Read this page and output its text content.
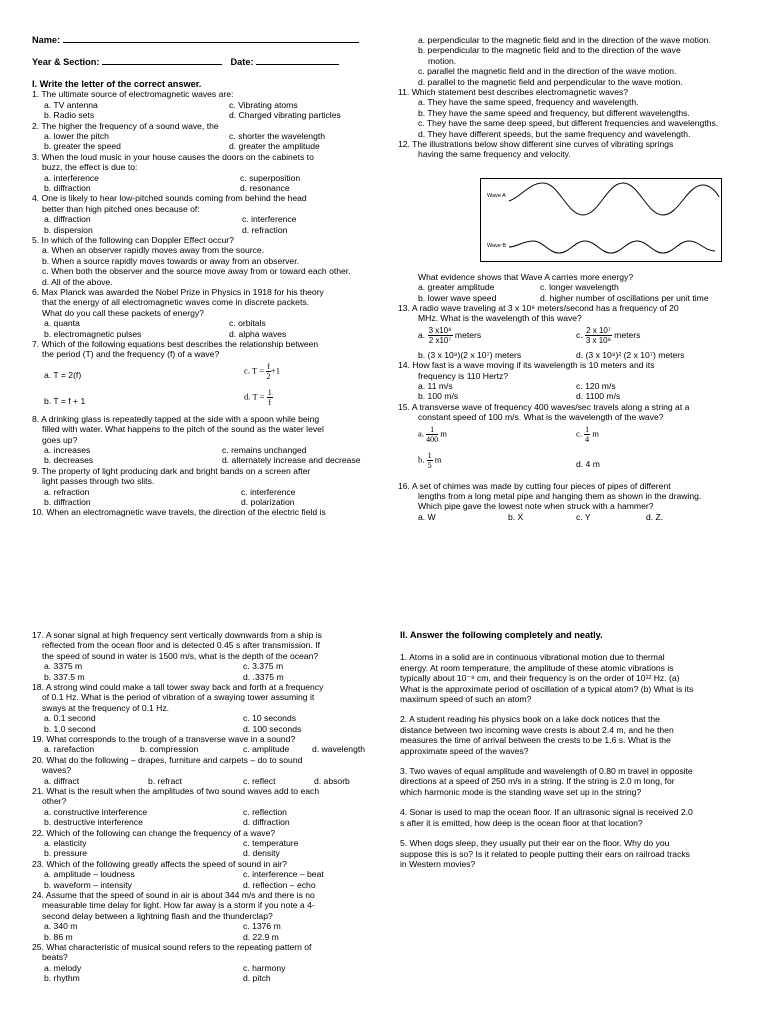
Name:
Year & Section:	Date:

I. Write the letter of the correct answer.

1. The ultimate source of electromagnetic waves are:

a. TV antenna	c. Vibrating atoms
b. Radio sets	d. Charged vibrating particles

2. The higher the frequency of a sound wave, the

a. lower the pitch	c. shorter the wavelength
b. greater the speed	d. greater the amplitude

3. When the loud music in your house causes the doors on the cabinets to

buzz, the effect is due to:

a. interference	c. superposition
b. diffraction	d. resonance

4. One is likely to hear low-pitched sounds coming from behind the head

better than high pitched ones because of:

a. diffraction	c. interference
b. dispersion	d. refraction

5. In which of the following can Doppler Effect occur?

a. When an observer rapidly moves away from the source.

b. When a source rapidly moves towards or away from an observer.

c. When both the observer and the source move away from or toward each other.

d. All of the above.

6. Max Planck was awarded the Nobel Prize in Physics in 1918 for his theory

that the energy of all electromagnetic waves come in discrete packets.

What do you call these packets of energy?

a. quanta	c. orbitals
b. electromagnetic pulses	d. alpha waves

7. Which of the following equations best describes the relationship between

the period (T) and the frequency (f) of a wave?

a. T = 2(f)	c. $T = \frac{f}{2} +1$
b. T = f + 1	d. $T = \frac{1}{f}$

8. A drinking glass is repeatedly tapped at the side with a spoon while being

filled with water. What happens to the pitch of the sound as the water level

goes up?

a. increases	c. remains unchanged
b. decreases	d. alternately increase and decrease

9. The property of light producing dark and bright bands on a screen after

light passes through two slits.

a. refraction	c. interference
b. diffraction	d. polarization

10. When an electromagnetic wave travels, the direction of the electric field is

a. perpendicular to the magnetic field and in the direction of the wave motion.

b. perpendicular to the magnetic field and to the direction of the wave

motion.

c. parallel the magnetic field and in the direction of the wave motion.

d. parallel to the magnetic field and perpendicular to the wave motion.

11. Which statement best describes electromagnetic waves?

a. They have the same speed, frequency and wavelength.

b. They have the same speed and frequency, but different wavelengths.

c. They have the same deep speed, but different frequencies and wavelengths.

d. They have different speeds, but the same frequency and wavelength.

12. The illustrations below show different sine curves of vibrating springs

having the same frequency and velocity.

Wave A
Wave B

What evidence shows that Wave A carries more energy?

a. greater amplitude	c. longer wavelength
b. lower wave speed	d. higher number of oscillations per unit time

13. A radio wave traveling at 3 x 10⁸ meters/second has a frequency of 20

MHz. What is the wavelength of this wave?

a. $\frac{\text{3 x10⁸}}{\text{2 x10⁷}}$ meters	c. $\frac{\text{2 x 10⁷}}{\text{3 x 10⁸}}$ meters
b. (3 x 10⁸)(2 x 10⁷) meters	d. (3 x 10⁸)² (2 x 10⁷) meters

14. How fast is a wave moving if its wavelength is 10 meters and its

frequency is 110 Hertz?

a. 11 m/s	c. 120 m/s
b. 100 m/s	d. 1100 m/s

15. A transverse wave of frequency 400 waves/sec travels along a string at a

constant speed of 100 m/s. What is the wavelength of the wave?

a. $\frac{1}{400}$ m	c. $\frac{1}{4}$ m
b. $\frac{1}{5}$ m	d. 4 m

16. A set of chimes was made by cutting four pieces of pipes of different

lengths from a long metal pipe and hanging them as shown in the drawing.

Which pipe gave the lowest note when struck with a hammer?

a. W	b. X	c. Y	d. Z.

17. A sonar signal at high frequency sent vertically downwards from a ship is

reflected from the ocean floor and is detected 0.45 s after transmission. If

the speed of sound in water is 1500 m/s, what is the depth of the ocean?

a. 3375 m	c. 3.375 m
b. 337.5 m	d. .3375 m

18. A strong wind could make a tall tower sway back and forth at a frequency

of 0.1 Hz. What is the period of vibration of a swaying tower assuming it

sways at the frequency of 0.1 Hz.

a. 0.1 second	c. 10 seconds
b. 1.0 second	d. 100 seconds

19. What corresponds to the trough of a transverse wave in a sound?

a. rarefaction	b. compression	c. amplitude	d. wavelength

20. What do the following – drapes, furniture and carpets – do to sound

waves?

a. diffract	b. refract	c. reflect	d. absorb

21. What is the result when the amplitudes of two sound waves add to each

other?

a. constructive interference	c. reflection
b. destructive interference	d. diffraction

22. Which of the following can change the frequency of a wave?

a. elasticity	c. temperature
b. pressure	d. density

23. Which of the following greatly affects the speed of sound in air?

a. amplitude – loudness	c. interference – beat
b. waveform – intensity	d. reflection – echo

24. Assume that the speed of sound in air is about 344 m/s and there is no

measurable time delay for light. How far away is a storm if you note a 4-

second delay between a lightning flash and the thunderclap?

a. 340 m	c. 1376 m
b. 86 m	d. 22.9 m

25. What characteristic of musical sound refers to the repeating pattern of

beats?

a. melody	c. harmony
b. rhythm	d. pitch

II. Answer the following completely and neatly.

1. Atoms in a solid are in continuous vibrational motion due to thermal

energy. At room temperature, the amplitude of these atomic vibrations is

typically about 10⁻⁸ cm, and their frequency is on the order of 10¹² Hz. (a)

What is the approximate period of oscillation of a typical atom? (b) What is its

maximum speed of such an atom?

2. A student reading his physics book on a lake dock notices that the

distance between two incoming wave crests is about 2.4 m, and he then

measures the time of arrival between the crests to be 1.6 s. What is the

approximate speed of the waves?

3. Two waves of equal amplitude and wavelength of 0.80 m travel in opposite

directions at a speed of 250 m/s in a string. If the string is 2.0 m long, for

which harmonic mode is the standing wave set up in the string?

4. Sonar is used to map the ocean floor. If an ultrasonic signal is received 2.0

s after it is emitted, how deep is the ocean floor at that location?

5. When dogs sleep, they usually put their ear on the floor. Why do you

suppose this is so? Is it related to people putting their ears on railroad tracks

in Western movies?
